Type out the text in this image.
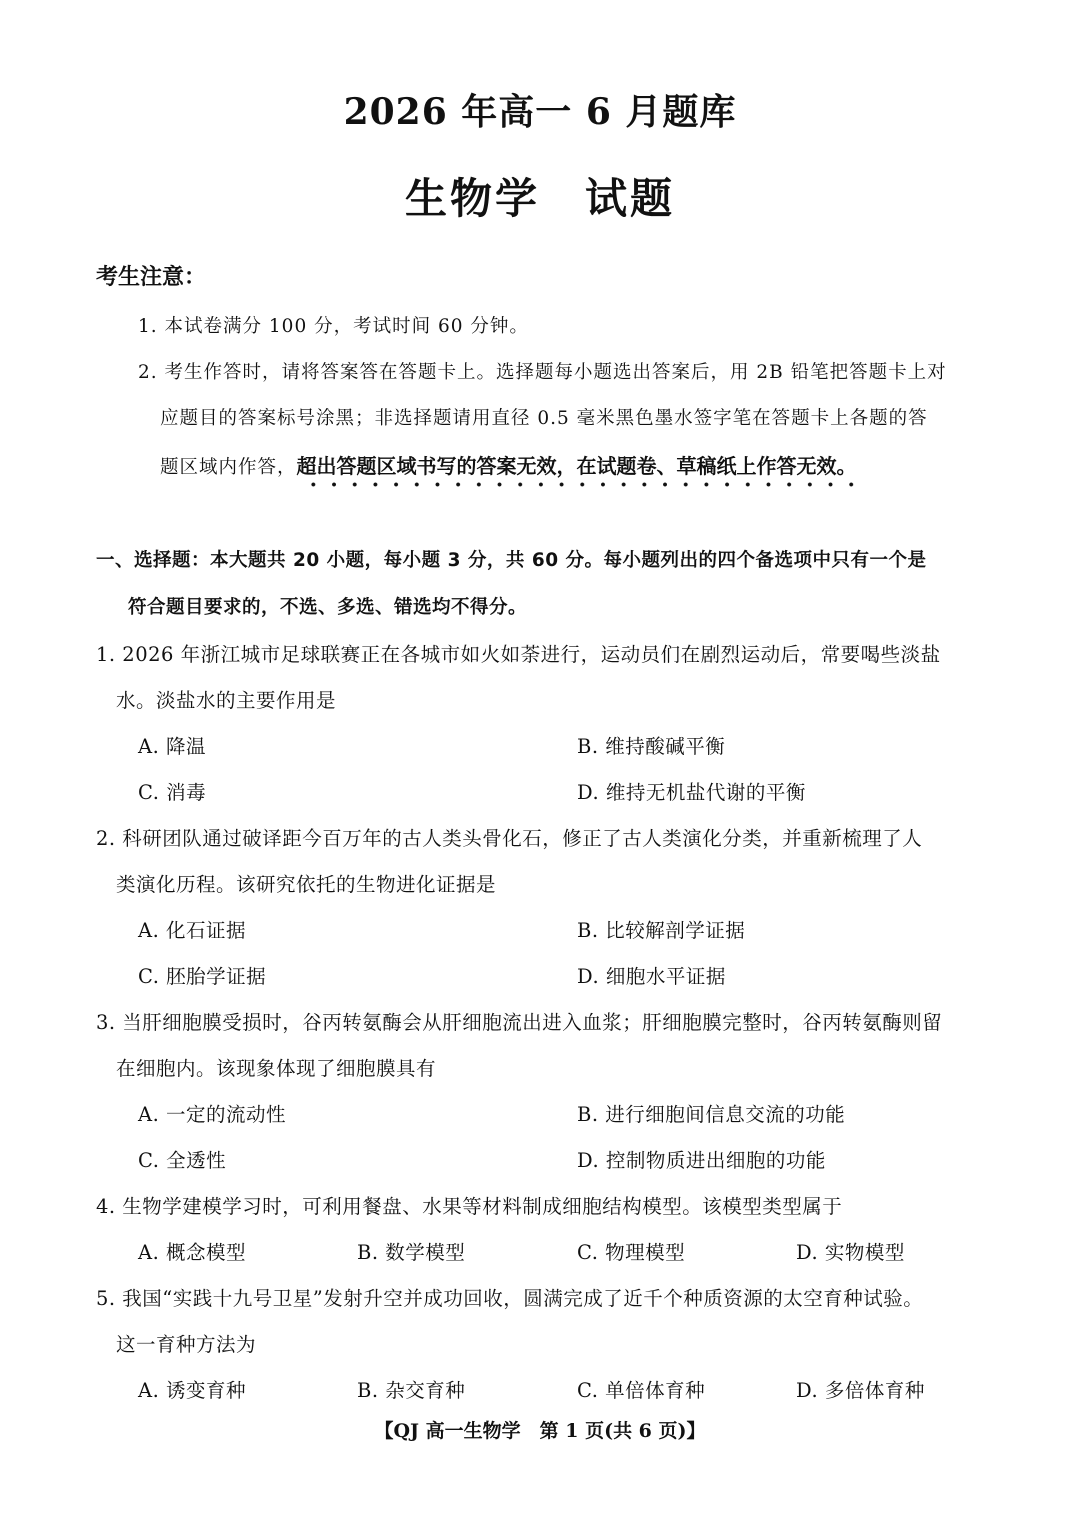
2026 年高一 6 月题库
生物学　试题
考生注意：
1. 本试卷满分 100 分，考试时间 60 分钟。
2. 考生作答时，请将答案答在答题卡上。选择题每小题选出答案后，用 2B 铅笔把答题卡上对
应题目的答案标号涂黑；非选择题请用直径 0.5 毫米黑色墨水签字笔在答题卡上各题的答
题区域内作答，超出答题区域书写的答案无效，在试题卷、草稿纸上作答无效。
一、选择题：本大题共 20 小题，每小题 3 分，共 60 分。每小题列出的四个备选项中只有一个是
符合题目要求的，不选、多选、错选均不得分。
1. 2026 年浙江城市足球联赛正在各城市如火如荼进行，运动员们在剧烈运动后，常要喝些淡盐
水。淡盐水的主要作用是
A. 降温	B. 维持酸碱平衡
C. 消毒	D. 维持无机盐代谢的平衡
2. 科研团队通过破译距今百万年的古人类头骨化石，修正了古人类演化分类，并重新梳理了人
类演化历程。该研究依托的生物进化证据是
A. 化石证据	B. 比较解剖学证据
C. 胚胎学证据	D. 细胞水平证据
3. 当肝细胞膜受损时，谷丙转氨酶会从肝细胞流出进入血浆；肝细胞膜完整时，谷丙转氨酶则留
在细胞内。该现象体现了细胞膜具有
A. 一定的流动性	B. 进行细胞间信息交流的功能
C. 全透性	D. 控制物质进出细胞的功能
4. 生物学建模学习时，可利用餐盘、水果等材料制成细胞结构模型。该模型类型属于
A. 概念模型	B. 数学模型	C. 物理模型	D. 实物模型
5. 我国“实践十九号卫星”发射升空并成功回收，圆满完成了近千个种质资源的太空育种试验。
这一育种方法为
A. 诱变育种	B. 杂交育种	C. 单倍体育种	D. 多倍体育种
【QJ 高一生物学　第 1 页(共 6 页)】
